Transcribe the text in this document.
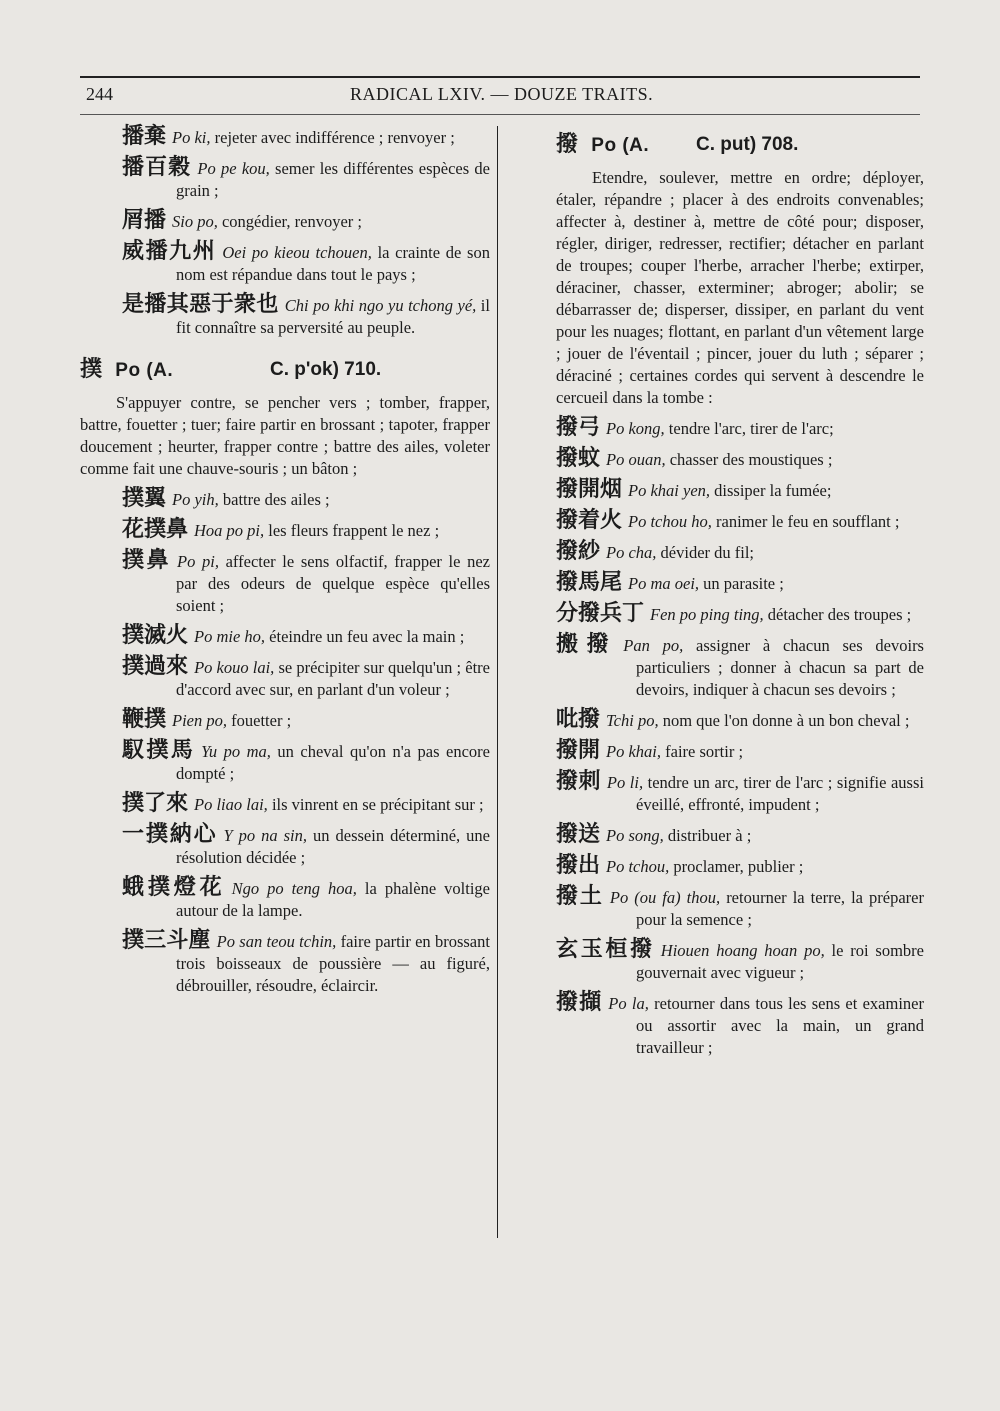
244	RADICAL LXIV. — DOUZE TRAITS.
播棄 Po ki, rejeter avec indifférence ; renvoyer ;
播百穀 Po pe kou, semer les différentes espèces de grain ;
屑播 Sio po, congédier, renvoyer ;
威播九州 Oei po kieou tchouen, la crainte de son nom est répandue dans tout le pays ;
是播其惡于衆也 Chi po khi ngo yu tchong yé, il fit connaître sa perversité au peuple.
撲 Po (A.	C. p'ok) 710.
S'appuyer contre, se pencher vers ; tomber, frapper, battre, fouetter ; tuer; faire partir en brossant ; tapoter, frapper doucement ; heurter, frapper contre ; battre des ailes, voleter comme fait une chauve-souris ; un bâton ;
撲翼 Po yih, battre des ailes ;
花撲鼻 Hoa po pi, les fleurs frappent le nez ;
撲鼻 Po pi, affecter le sens olfactif, frapper le nez par des odeurs de quelque espèce qu'elles soient ;
撲滅火 Po mie ho, éteindre un feu avec la main ;
撲過來 Po kouo lai, se précipiter sur quelqu'un ; être d'accord avec sur, en parlant d'un voleur ;
鞭撲 Pien po, fouetter ;
馭撲馬 Yu po ma, un cheval qu'on n'a pas encore dompté ;
撲了來 Po liao lai, ils vinrent en se précipitant sur ;
一撲納心 Y po na sin, un dessein déterminé, une résolution décidée ;
蛾撲燈花 Ngo po teng hoa, la phalène voltige autour de la lampe.
撲三斗塵 Po san teou tchin, faire partir en brossant trois boisseaux de poussière — au figuré, débrouiller, résoudre, éclaircir.
撥 Po (A. C. put) 708.
Etendre, soulever, mettre en ordre; déployer, étaler, répandre ; placer à des endroits convenables; affecter à, destiner à, mettre de côté pour; disposer, régler, diriger, redresser, rectifier; détacher en parlant de troupes; couper l'herbe, arracher l'herbe; extirper, déraciner, chasser, exterminer; abroger; abolir; se débarrasser de; disperser, dissiper, en parlant du vent pour les nuages; flottant, en parlant d'un vêtement large ; jouer de l'éventail ; pincer, jouer du luth ; séparer ; déraciné ; certaines cordes qui servent à descendre le cercueil dans la tombe :
撥弓 Po kong, tendre l'arc, tirer de l'arc;
撥蚊 Po ouan, chasser des moustiques ;
撥開烟 Po khai yen, dissiper la fumée;
撥着火 Po tchou ho, ranimer le feu en soufflant ;
撥紗 Po cha, dévider du fil;
撥馬尾 Po ma oei, un parasite ;
分撥兵丁 Fen po ping ting, détacher des troupes ;
搬撥 Pan po, assigner à chacun ses devoirs particuliers ; donner à chacun sa part de devoirs, indiquer à chacun ses devoirs ;
吡撥 Tchi po, nom que l'on donne à un bon cheval ;
撥開 Po khai, faire sortir ;
撥刺 Po li, tendre un arc, tirer de l'arc ; signifie aussi éveillé, effronté, impudent ;
撥送 Po song, distribuer à ;
撥出 Po tchou, proclamer, publier ;
撥土 Po (ou fa) thou, retourner la terre, la préparer pour la semence ;
玄玉桓撥 Hiouen hoang hoan po, le roi sombre gouvernait avec vigueur ;
撥擷 Po la, retourner dans tous les sens et examiner ou assortir avec la main, un grand travailleur ;
